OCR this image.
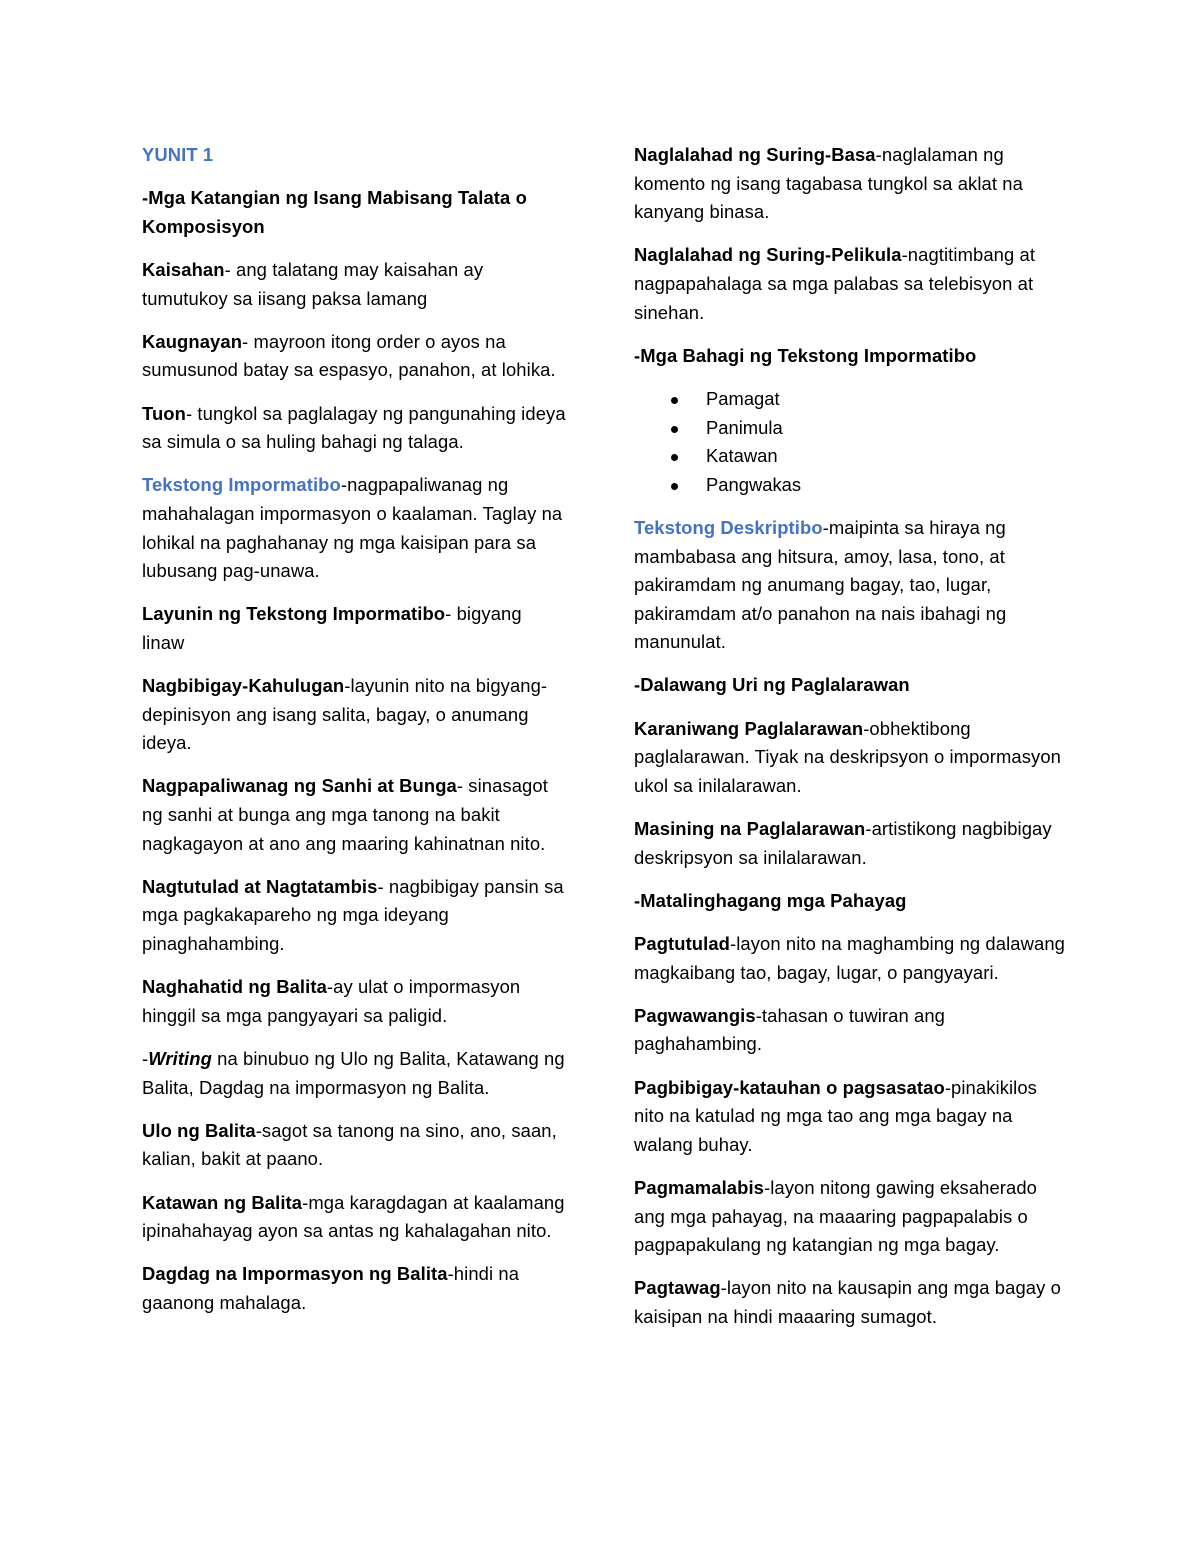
YUNIT 1

-Mga Katangian ng Isang Mabisang Talata o Komposisyon

Kaisahan- ang talatang may kaisahan ay tumutukoy sa iisang paksa lamang

Kaugnayan- mayroon itong order o ayos na sumusunod batay sa espasyo, panahon, at lohika.

Tuon- tungkol sa paglalagay ng pangunahing ideya sa simula o sa huling bahagi ng talaga.

Tekstong Impormatibo-nagpapaliwanag ng mahahalagan impormasyon o kaalaman. Taglay na lohikal na paghahanay ng mga kaisipan para sa lubusang pag-unawa.

Layunin ng Tekstong Impormatibo- bigyang linaw

Nagbibigay-Kahulugan-layunin nito na bigyang-depinisyon ang isang salita, bagay, o anumang ideya.

Nagpapaliwanag ng Sanhi at Bunga- sinasagot ng sanhi at bunga ang mga tanong na bakit nagkagayon at ano ang maaring kahinatnan nito.

Nagtutulad at Nagtatambis- nagbibigay pansin sa mga pagkakapareho ng mga ideyang pinaghahambing.

Naghahatid ng Balita-ay ulat o impormasyon hinggil sa mga pangyayari sa paligid.

-Writing na binubuo ng Ulo ng Balita, Katawang ng Balita, Dagdag na impormasyon ng Balita.

Ulo ng Balita-sagot sa tanong na sino, ano, saan, kalian, bakit at paano.

Katawan ng Balita-mga karagdagan at kaalamang ipinahahayag ayon sa antas ng kahalagahan nito.

Dagdag na Impormasyon ng Balita-hindi na gaanong mahalaga.

Naglalahad ng Suring-Basa-naglalaman ng komento ng isang tagabasa tungkol sa aklat na kanyang binasa.

Naglalahad ng Suring-Pelikula-nagtitimbang at nagpapahalaga sa mga palabas sa telebisyon at sinehan.

-Mga Bahagi ng Tekstong Impormatibo

Pamagat
Panimula
Katawan
Pangwakas

Tekstong Deskriptibo-maipinta sa hiraya ng mambabasa ang hitsura, amoy, lasa, tono, at pakiramdam ng anumang bagay, tao, lugar, pakiramdam at/o panahon na nais ibahagi ng manunulat.

-Dalawang Uri ng Paglalarawan

Karaniwang Paglalarawan-obhektibong paglalarawan. Tiyak na deskripsyon o impormasyon ukol sa inilalarawan.

Masining na Paglalarawan-artistikong nagbibigay deskripsyon sa inilalarawan.

-Matalinghagang mga Pahayag

Pagtutulad-layon nito na maghambing ng dalawang magkaibang tao, bagay, lugar, o pangyayari.

Pagwawangis-tahasan o tuwiran ang paghahambing.

Pagbibigay-katauhan o pagsasatao-pinakikilos nito na katulad ng mga tao ang mga bagay na walang buhay.

Pagmamalabis-layon nitong gawing eksaherado ang mga pahayag, na maaaring pagpapalabis o pagpapakulang ng katangian ng mga bagay.

Pagtawag-layon nito na kausapin ang mga bagay o kaisipan na hindi maaaring sumagot.
